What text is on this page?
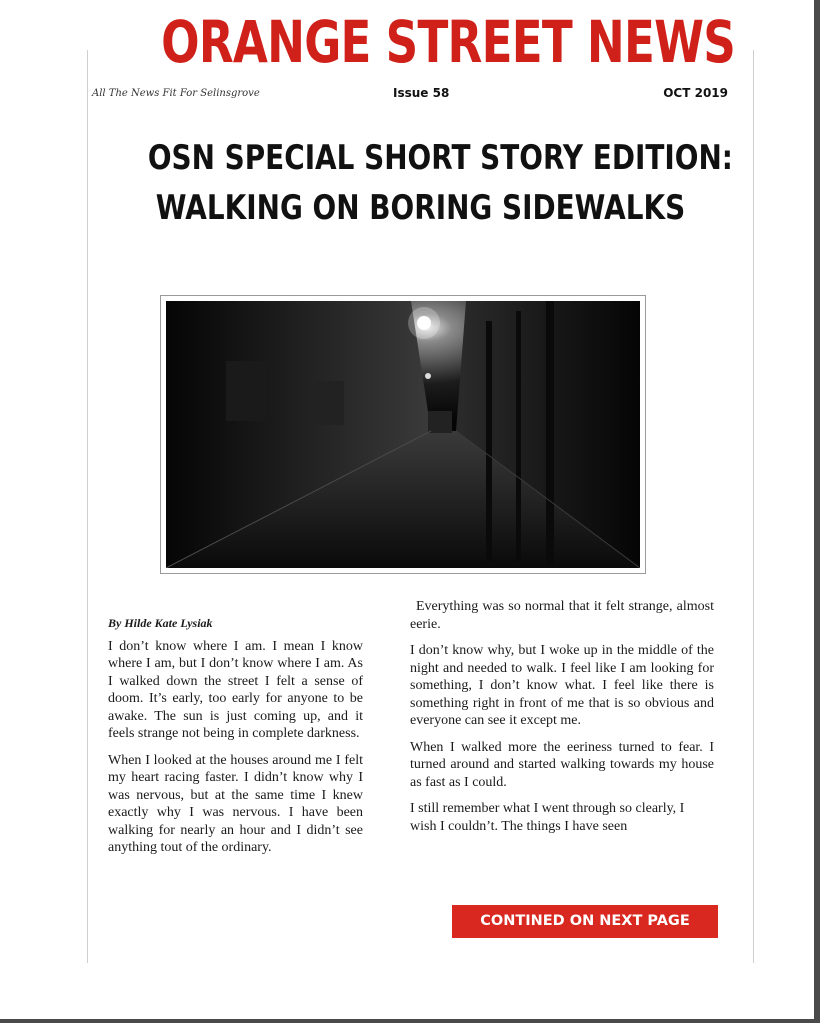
ORANGE STREET NEWS
All The News Fit For Selinsgrove	Issue 58	OCT 2019
OSN SPECIAL SHORT STORY EDITION:
WALKING ON BORING SIDEWALKS

By Hilde Kate Lysiak

I don’t know where I am. I mean I know where I am, but I don’t know where I am. As I walked down the street I felt a sense of doom. It’s early, too early for anyone to be awake. The sun is just coming up, and it feels strange not being in complete darkness.

When I looked at the houses around me I felt my heart racing faster. I didn’t know why I was nervous, but at the same time I knew exactly why I was nervous. I have been walking for nearly an hour and I didn’t see anything tout of the ordinary.

Everything was so normal that it felt strange, almost eerie.

I don’t know why, but I woke up in the middle of the night and needed to walk. I feel like I am looking for something, I don’t know what. I feel like there is something right in front of me that is so obvious and everyone can see it except me.

When I walked more the eeriness turned to fear. I turned around and started walking towards my house as fast as I could.

I still remember what I went through so clearly, I wish I couldn’t. The things I have seen

CONTINED ON NEXT PAGE
